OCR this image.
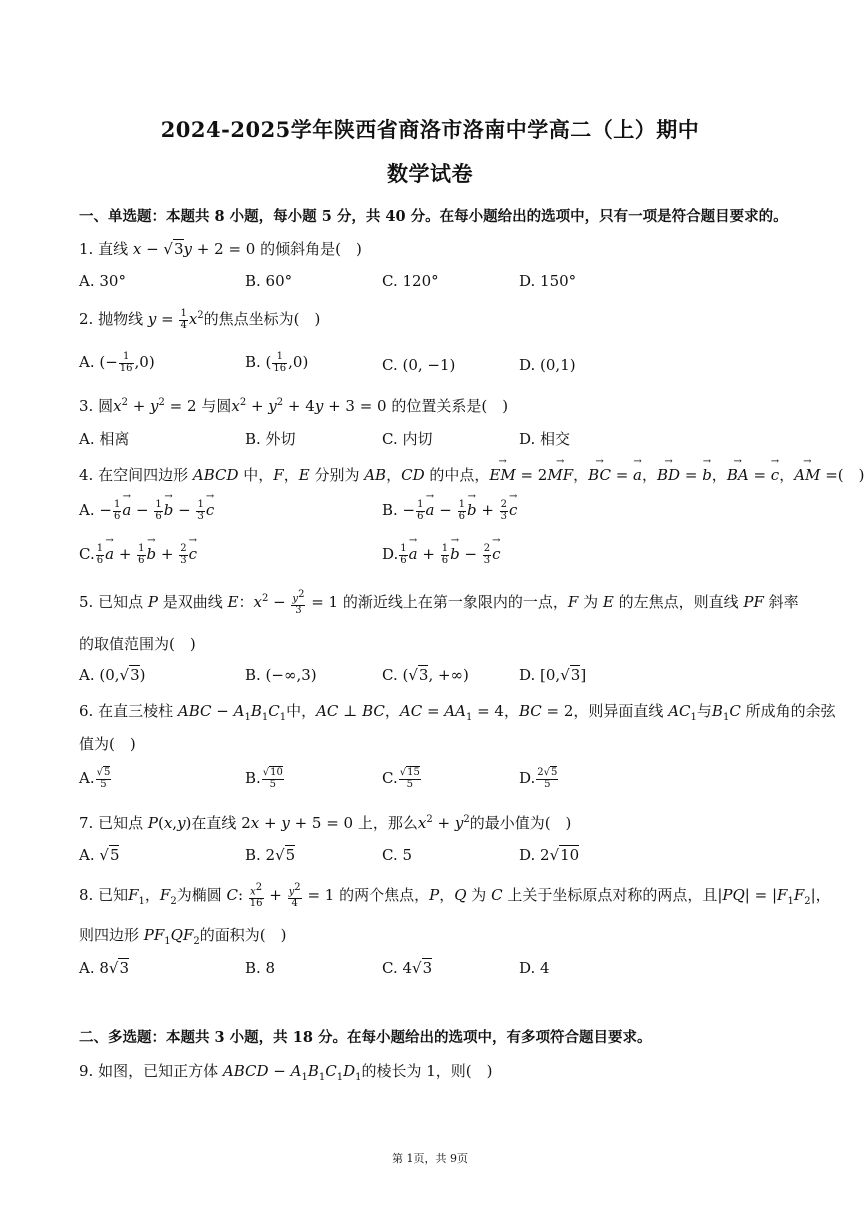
2024-2025学年陕西省商洛市洛南中学高二（上）期中
数学试卷
一、单选题：本题共 8 小题，每小题 5 分，共 40 分。在每小题给出的选项中，只有一项是符合题目要求的。
1. 直线 x − √3y + 2 = 0 的倾斜角是(　)
A. 30°	B. 60°	C. 120°	D. 150°
2. 抛物线 $y = \frac{1}{4} x^2$的焦点坐标为(　)
A. (− $\frac{1}{16} ,0$)	B. ( $\frac{1}{16} ,0$)	C. (0, −1)	D. (0,1)
3. 圆$x^2 + y^2 = 2$ 与圆$x^2 + y^2 + 4y + 3 = 0$ 的位置关系是(　)
A. 相离	B. 外切	C. 内切	D. 相交
4. 在空间四边形 ABCD 中，F，E 分别为 AB，CD 的中点，→ EM = 2→ MF，→ BC = → a，→ BD = → b，→ BA = → c，→ AM =(　)
A. − $\frac{1}{6}$
→ $a - \frac{1}{6}$
→ $b - \frac{1}{3}$
→ c	B. − $\frac{1}{6}$
→ $a - \frac{1}{6}$
→ $b + \frac{2}{3}$
→ c
C. $\frac{1}{6}$
→ $a + \frac{1}{6}$
→ $b + \frac{2}{3}$
→ c	D. $\frac{1}{6}$
→ $a + \frac{1}{6}$
→ $b - \frac{2}{3}$
→ c
5. 已知点 P 是双曲线 E：$x^2 - \frac{y^2}{3} = 1$ 的渐近线上在第一象限内的一点，F 为 E 的左焦点，则直线 PF 斜率
的取值范围为(　)
A. (0,√3)	B. (−∞,3)	C. (√3, +∞)	D. [0,√3]
6. 在直三棱柱 ABC − $A_1B_1C_1$中，AC ⊥ BC，AC = $AA_1 = 4$，BC = 2，则异面直线 $AC_1$与$B_1C$ 所成角的余弦
值为(　)
A. $\frac{√5}{5}$	B. $\frac{√10}{5}$	C. $\frac{√15}{5}$	D. $\frac{2√5}{5}$
7. 已知点 P(x,y)在直线 2x + y + 5 = 0 上，那么$x^2 + y^2$的最小值为(　)
A. √5	B. 2√5	C. 5	D. 2√10
8. 已知$F_1$，$F_2$为椭圆 C: $\frac{x^2}{16} + \frac{y^2}{4} = 1$ 的两个焦点，P，Q 为 C 上关于坐标原点对称的两点，且$|PQ| = |F_1F_2|$，
则四边形 $PF_1QF_2$的面积为(　)
A. 8√3	B. 8	C. 4√3	D. 4
二、多选题：本题共 3 小题，共 18 分。在每小题给出的选项中，有多项符合题目要求。
9. 如图，已知正方体 ABCD − $A_1B_1C_1D_1$的棱长为 1，则(　)
第 1页，共 9页
